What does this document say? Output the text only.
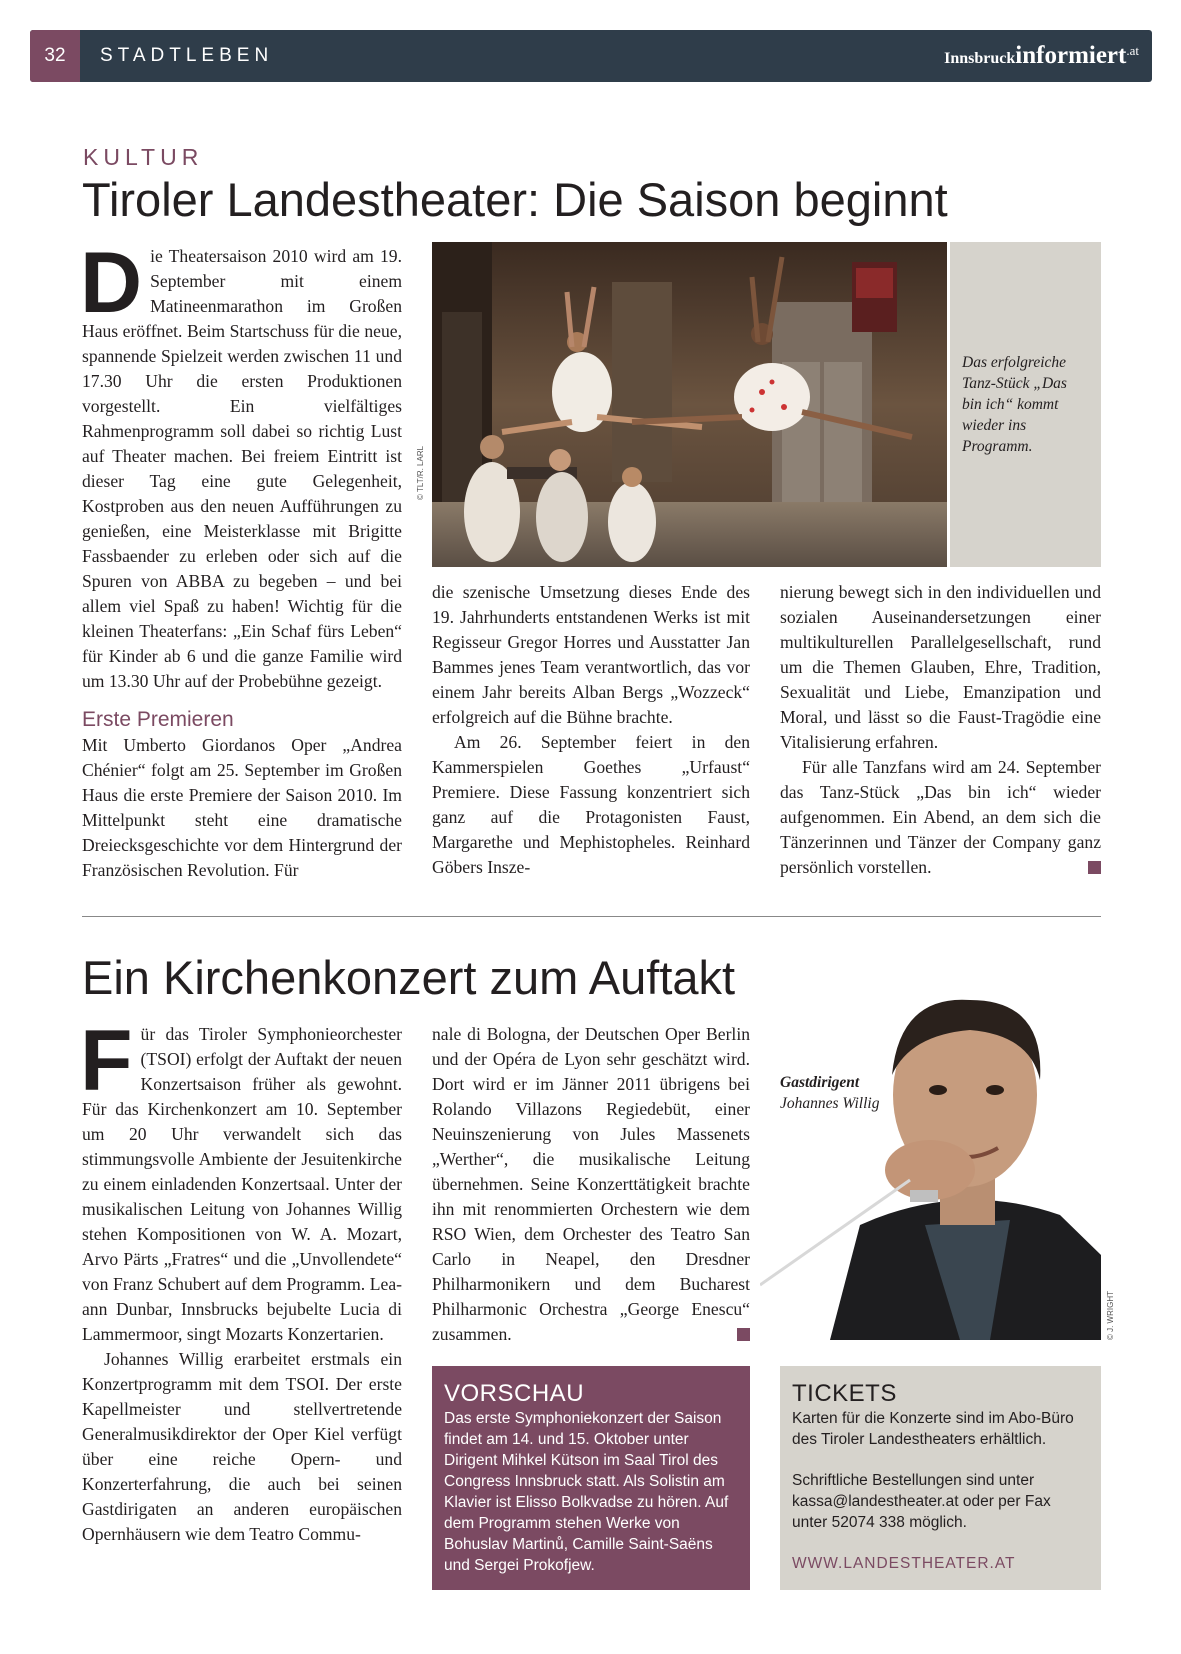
32	STADTLEBEN	Innsbruckinformiert$^{.at}$
KULTUR
Tiroler Landestheater: Die Saison beginnt

Die Theatersaison 2010 wird am 19. September mit einem Matineenmarathon im Großen Haus eröffnet. Beim Startschuss für die neue, spannende Spielzeit werden zwischen 11 und 17.30 Uhr die ersten Produktionen vorgestellt. Ein vielfältiges Rahmenprogramm soll dabei so richtig Lust auf Theater machen. Bei freiem Eintritt ist dieser Tag eine gute Gelegenheit, Kostproben aus den neuen Aufführungen zu genießen, eine Meisterklasse mit Brigitte Fassbaender zu erleben oder sich auf die Spuren von ABBA zu begeben – und bei allem viel Spaß zu haben! Wichtig für die kleinen Theaterfans: „Ein Schaf fürs Leben“ für Kinder ab 6 und die ganze Familie wird um 13.30 Uhr auf der Probebühne gezeigt.

Erste Premieren

Mit Umberto Giordanos Oper „Andrea Chénier“ folgt am 25. September im Großen Haus die erste Premiere der Saison 2010. Im Mittelpunkt steht eine dramatische Dreiecksgeschichte vor dem Hintergrund der Französischen Revolution. Für

© TLT/R. LARL
Das erfolgreiche Tanz-Stück „Das bin ich“ kommt wieder ins Programm.

die szenische Umsetzung dieses Ende des 19. Jahrhunderts entstandenen Werks ist mit Regisseur Gregor Horres und Ausstatter Jan Bammes jenes Team verantwortlich, das vor einem Jahr bereits Alban Bergs „Wozzeck“ erfolgreich auf die Bühne brachte.

Am 26. September feiert in den Kammerspielen Goethes „Urfaust“ Premiere. Diese Fassung konzentriert sich ganz auf die Protagonisten Faust, Margarethe und Mephistopheles. Reinhard Göbers Insze-

nierung bewegt sich in den individuellen und sozialen Auseinandersetzungen einer multikulturellen Parallelgesellschaft, rund um die Themen Glauben, Ehre, Tradition, Sexualität und Liebe, Emanzipation und Moral, und lässt so die Faust-Tragödie eine Vitalisierung erfahren.

Für alle Tanzfans wird am 24. September das Tanz-Stück „Das bin ich“ wieder aufgenommen. Ein Abend, an dem sich die Tänzerinnen und Tänzer der Company ganz persönlich vorstellen.

Ein Kirchenkonzert zum Auftakt

Für das Tiroler Symphonieorchester (TSOI) erfolgt der Auftakt der neuen Konzertsaison früher als gewohnt. Für das Kirchenkonzert am 10. September um 20 Uhr verwandelt sich das stimmungsvolle Ambiente der Jesuitenkirche zu einem einladenden Konzertsaal. Unter der musikalischen Leitung von Johannes Willig stehen Kompositionen von W. A. Mozart, Arvo Pärts „Fratres“ und die „Unvollendete“ von Franz Schubert auf dem Programm. Lea-ann Dunbar, Innsbrucks bejubelte Lucia di Lammermoor, singt Mozarts Konzertarien.

Johannes Willig erarbeitet erstmals ein Konzertprogramm mit dem TSOI. Der erste Kapellmeister und stellvertretende Generalmusikdirektor der Oper Kiel verfügt über eine reiche Opern- und Konzerterfahrung, die auch bei seinen Gastdirigaten an anderen europäischen Opernhäusern wie dem Teatro Commu-

nale di Bologna, der Deutschen Oper Berlin und der Opéra de Lyon sehr geschätzt wird. Dort wird er im Jänner 2011 übrigens bei Rolando Villazons Regiedebüt, einer Neuinszenierung von Jules Massenets „Werther“, die musikalische Leitung übernehmen. Seine Konzerttätigkeit brachte ihn mit renommierten Orchestern wie dem RSO Wien, dem Orchester des Teatro San Carlo in Neapel, den Dresdner Philharmonikern und dem Bucharest Philharmonic Orchestra „George Enescu“ zusammen.	© J. WRIGHT
Gastdirigent
Johannes Willig
VORSCHAU

Das erste Symphoniekonzert der Saison findet am 14. und 15. Oktober unter Dirigent Mihkel Kütson im Saal Tirol des Congress Innsbruck statt. Als Solistin am Klavier ist Elisso Bolkvadse zu hören. Auf dem Programm stehen Werke von Bohuslav Martinů, Camille Saint-Saëns und Sergei Prokofjew.

TICKETS

Karten für die Konzerte sind im Abo-Büro des Tiroler Landestheaters erhältlich.

Schriftliche Bestellungen sind unter kassa@landestheater.at oder per Fax unter 52074 338 möglich.

WWW.LANDESTHEATER.AT
